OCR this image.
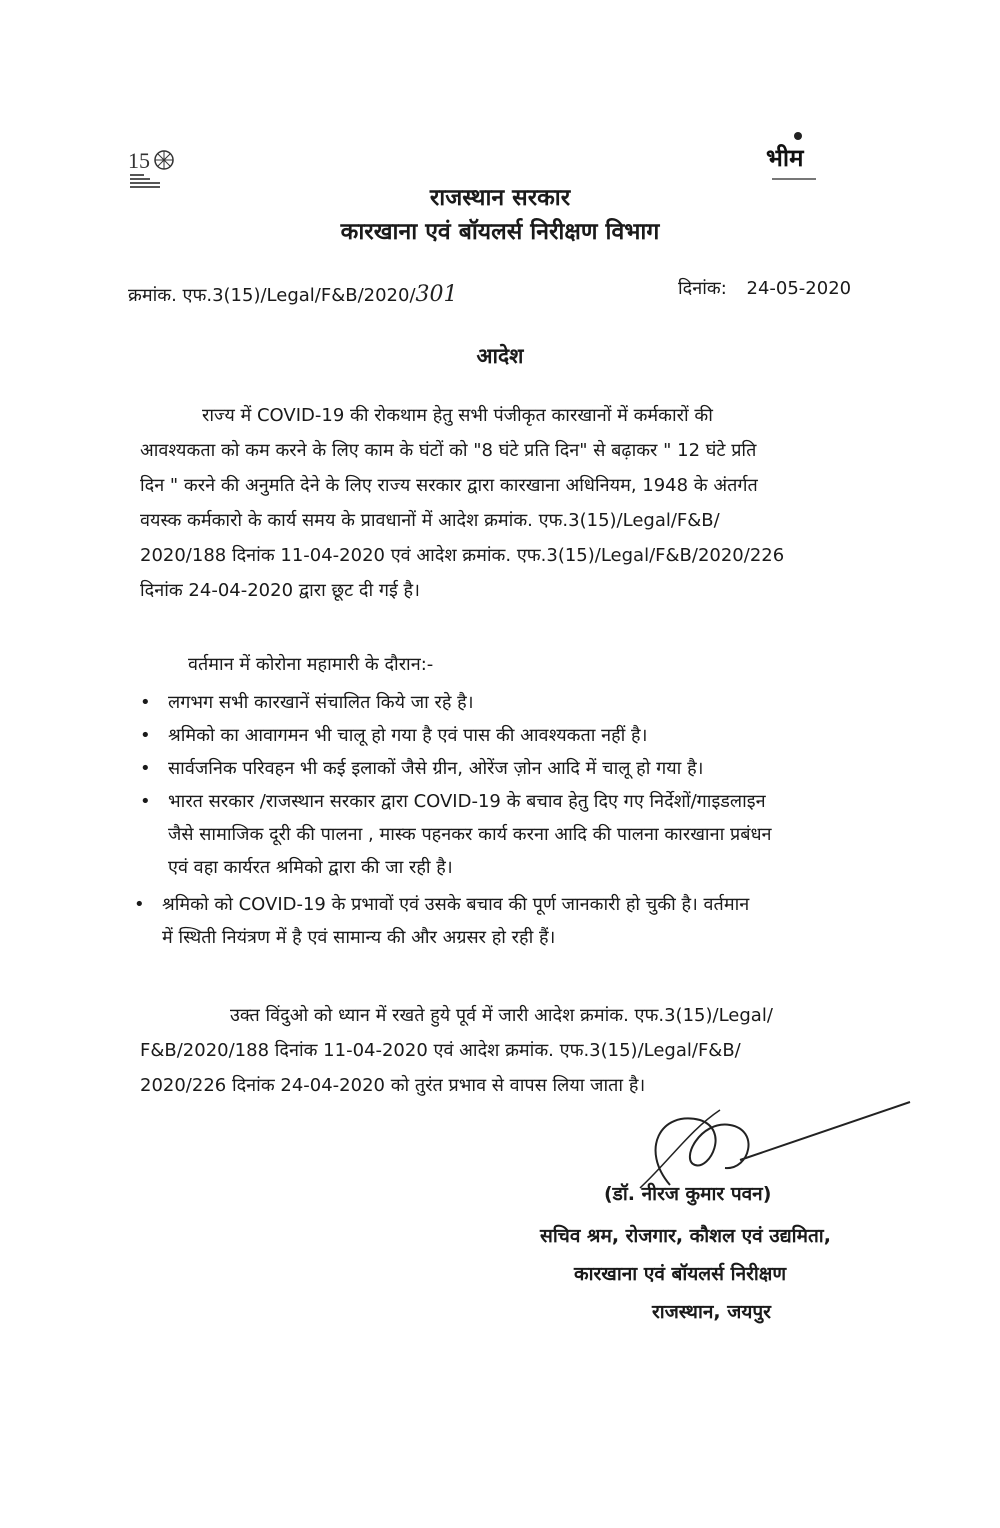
15	भीम
राजस्थान सरकार
कारखाना एवं बॉयलर्स निरीक्षण विभाग
क्रमांक. एफ.3(15)/Legal/F&B/2020/301	दिनांक: 24-05-2020
आदेश
राज्य में COVID-19 की रोकथाम हेतु सभी पंजीकृत कारखानों में कर्मकारों की
आवश्यकता को कम करने के लिए काम के घंटों को "8 घंटे प्रति दिन" से बढ़ाकर " 12 घंटे प्रति
दिन " करने की अनुमति देने के लिए राज्य सरकार द्वारा कारखाना अधिनियम, 1948 के अंतर्गत
वयस्क कर्मकारो के कार्य समय के प्रावधानों में आदेश क्रमांक. एफ.3(15)/Legal/F&B/
2020/188 दिनांक 11-04-2020 एवं आदेश क्रमांक. एफ.3(15)/Legal/F&B/2020/226
दिनांक 24-04-2020 द्वारा छूट दी गई है।
वर्तमान में कोरोना महामारी के दौरान:-
• लगभग सभी कारखानें संचालित किये जा रहे है।
• श्रमिको का आवागमन भी चालू हो गया है एवं पास की आवश्यकता नहीं है।
• सार्वजनिक परिवहन भी कई इलाकों जैसे ग्रीन, ओरेंज ज़ोन आदि में चालू हो गया है।
• भारत सरकार /राजस्थान सरकार द्वारा COVID-19 के बचाव हेतु दिए गए निर्देशों/गाइडलाइन
जैसे सामाजिक दूरी की पालना , मास्क पहनकर कार्य करना आदि की पालना कारखाना प्रबंधन
एवं वहा कार्यरत श्रमिको द्वारा की जा रही है।
• श्रमिको को COVID-19 के प्रभावों एवं उसके बचाव की पूर्ण जानकारी हो चुकी है। वर्तमान
में स्थिती नियंत्रण में है एवं सामान्य की और अग्रसर हो रही हैं।
उक्त विंदुओ को ध्यान में रखते हुये पूर्व में जारी आदेश क्रमांक. एफ.3(15)/Legal/
F&B/2020/188 दिनांक 11-04-2020 एवं आदेश क्रमांक. एफ.3(15)/Legal/F&B/
2020/226 दिनांक 24-04-2020 को तुरंत प्रभाव से वापस लिया जाता है।
(डॉ. नीरज कुमार पवन)
सचिव श्रम, रोजगार, कौशल एवं उद्यमिता,
कारखाना एवं बॉयलर्स निरीक्षण
राजस्थान, जयपुर
